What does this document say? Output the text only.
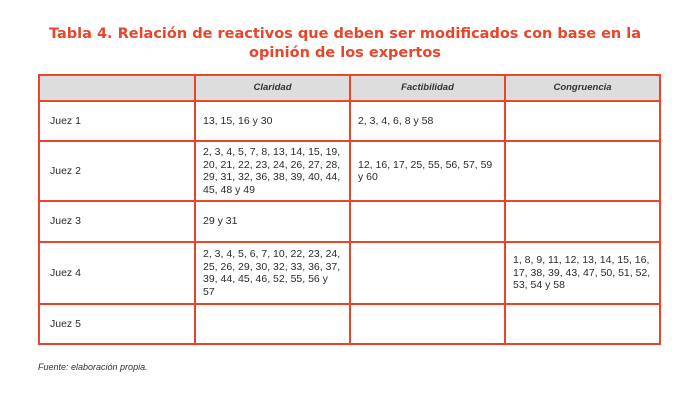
Tabla 4. Relación de reactivos que deben ser modificados con base en la
opinión de los expertos
	Claridad	Factibilidad	Congruencia
Juez 1	13, 15, 16 y 30	2, 3, 4, 6, 8 y 58	
Juez 2	2, 3, 4, 5, 7, 8, 13, 14, 15, 19, 20, 21, 22, 23, 24, 26, 27, 28, 29, 31, 32, 36, 38, 39, 40, 44, 45, 48 y 49	12, 16, 17, 25, 55, 56, 57, 59 y 60	
Juez 3	29 y 31		
Juez 4	2, 3, 4, 5, 6, 7, 10, 22, 23, 24, 25, 26, 29, 30, 32, 33, 36, 37, 39, 44, 45, 46, 52, 55, 56 y 57		1, 8, 9, 11, 12, 13, 14, 15, 16, 17, 38, 39, 43, 47, 50, 51, 52, 53, 54 y 58
Juez 5			
Fuente: elaboración propia.
